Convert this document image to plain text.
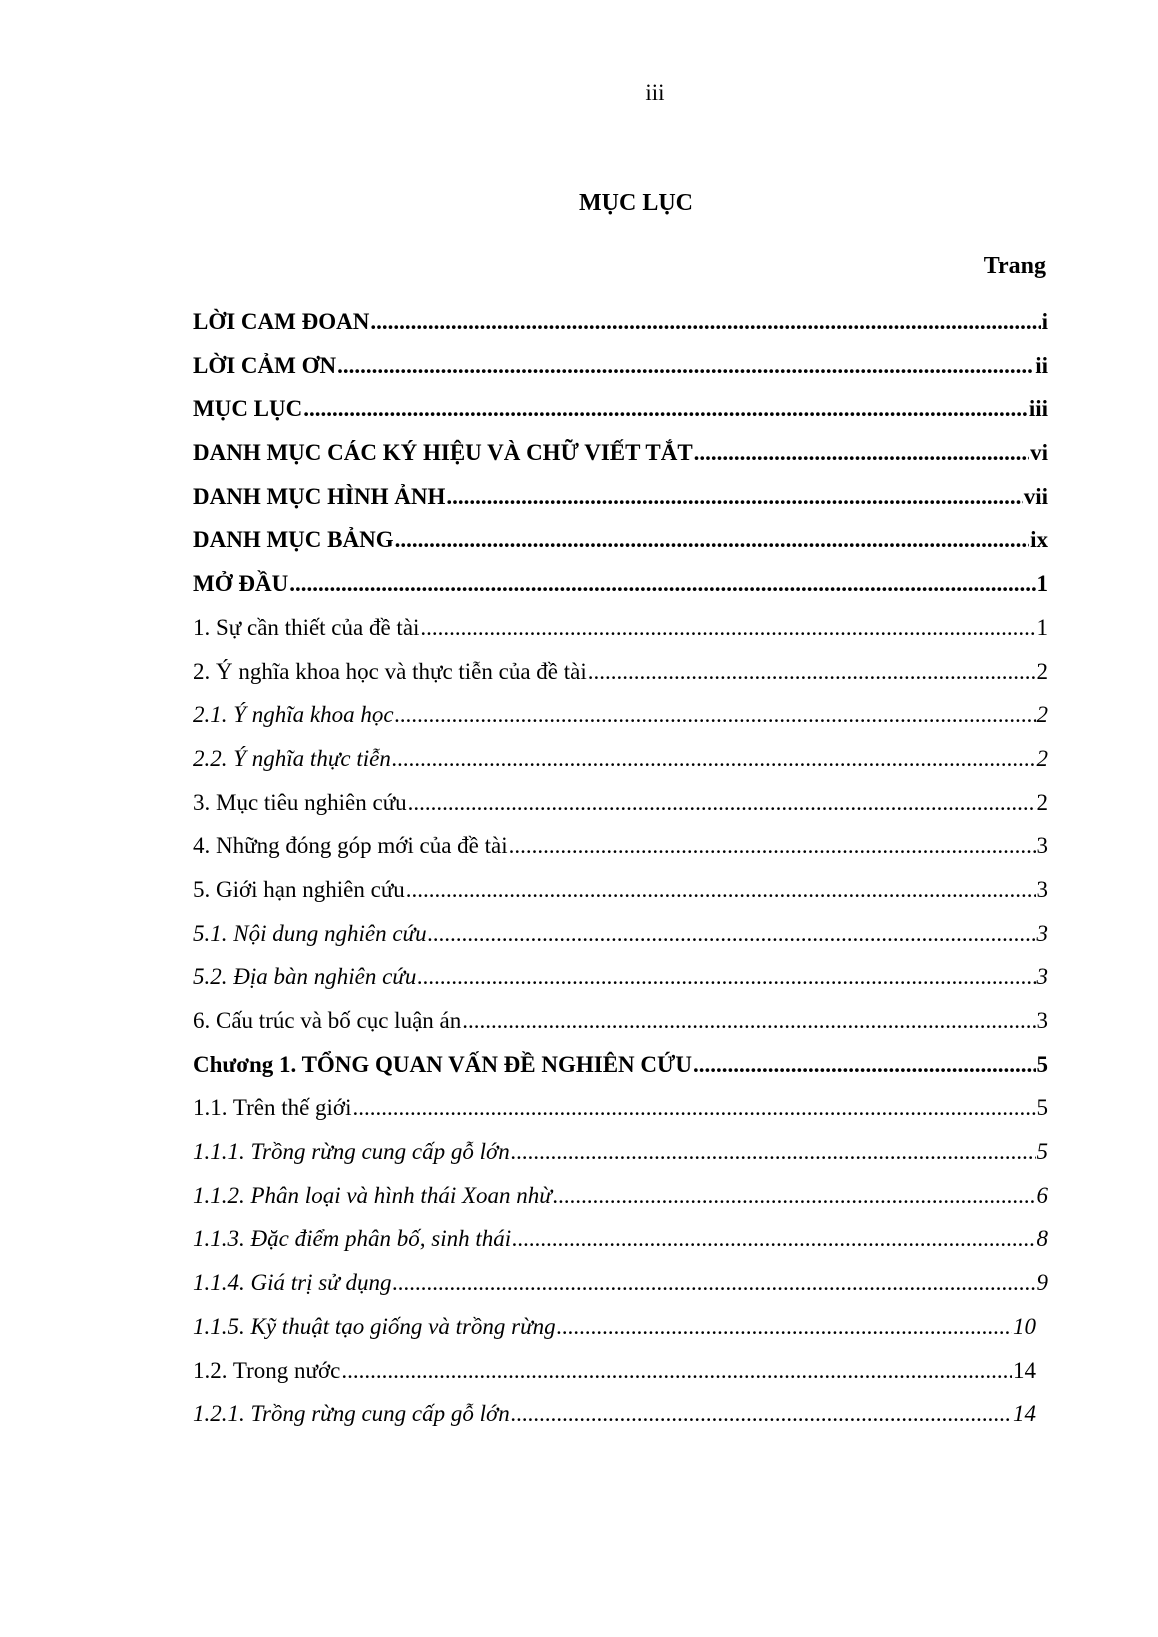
iii
MỤC LỤC
Trang
LỜI CAM ĐOAN .....	i
LỜI CẢM ƠN .....	ii
MỤC LỤC .....	iii
DANH MỤC CÁC KÝ HIỆU VÀ CHỮ VIẾT TẮT .....	vi
DANH MỤC HÌNH ẢNH .....	vii
DANH MỤC BẢNG .....	ix
MỞ ĐẦU .....	1
1. Sự cần thiết của đề tài .....	1
2. Ý nghĩa khoa học và thực tiễn của đề tài .....	2
2.1. Ý nghĩa khoa học .....	2
2.2. Ý nghĩa thực tiễn .....	2
3. Mục tiêu nghiên cứu .....	2
4. Những đóng góp mới của đề tài .....	3
5. Giới hạn nghiên cứu .....	3
5.1. Nội dung nghiên cứu .....	3
5.2. Địa bàn nghiên cứu .....	3
6. Cấu trúc và bố cục luận án .....	3
Chương 1. TỔNG QUAN VẤN ĐỀ NGHIÊN CỨU .....	5
1.1. Trên thế giới .....	5
1.1.1. Trồng rừng cung cấp gỗ lớn .....	5
1.1.2. Phân loại và hình thái Xoan nhừ .....	6
1.1.3. Đặc điểm phân bố, sinh thái .....	8
1.1.4. Giá trị sử dụng .....	9
1.1.5. Kỹ thuật tạo giống và trồng rừng .....	10
1.2. Trong nước .....	14
1.2.1. Trồng rừng cung cấp gỗ lớn .....	14
